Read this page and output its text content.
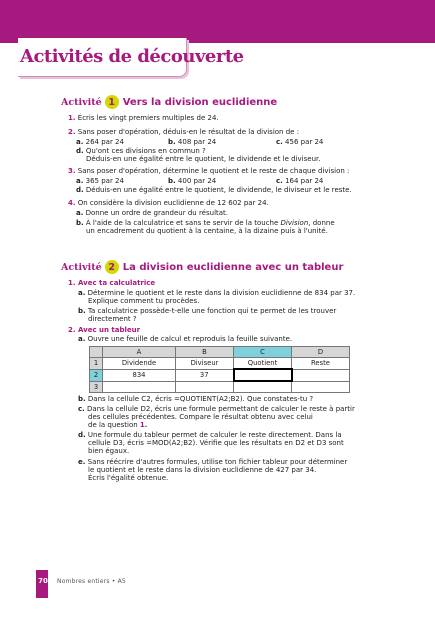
Activités de découverte
Activité 1 Vers la division euclidienne
1. Écris les vingt premiers multiples de 24.
2. Sans poser d'opération, déduis-en le résultat de la division de :
a. 264 par 24	b. 408 par 24	c. 456 par 24
d. Qu'ont ces divisions en commun ?
Déduis-en une égalité entre le quotient, le dividende et le diviseur.
3. Sans poser d'opération, détermine le quotient et le reste de chaque division :
a. 365 par 24	b. 400 par 24	c. 164 par 24
d. Déduis-en une égalité entre le quotient, le dividende, le diviseur et le reste.
4. On considère la division euclidienne de 12 602 par 24.
a. Donne un ordre de grandeur du résultat.
b. À l'aide de la calculatrice et sans te servir de la touche Division, donne
un encadrement du quotient à la centaine, à la dizaine puis à l'unité.
Activité 2 La division euclidienne avec un tableur
1. Avec ta calculatrice
a. Détermine le quotient et le reste dans la division euclidienne de 834 par 37.
Explique comment tu procèdes.
b. Ta calculatrice possède-t-elle une fonction qui te permet de les trouver
directement ?
2. Avec un tableur
a. Ouvre une feuille de calcul et reproduis la feuille suivante.
	A	B	C	D
1	Dividende	Diviseur	Quotient	Reste
2	834	37		
3				
b. Dans la cellule C2, écris =QUOTIENT(A2;B2). Que constates-tu ?
c. Dans la cellule D2, écris une formule permettant de calculer le reste à partir
des cellules précédentes. Compare le résultat obtenu avec celui
de la question 1.
d. Une formule du tableur permet de calculer le reste directement. Dans la
cellule D3, écris =MOD(A2;B2). Vérifie que les résultats en D2 et D3 sont
bien égaux.
e. Sans réécrire d'autres formules, utilise ton fichier tableur pour déterminer
le quotient et le reste dans la division euclidienne de 427 par 34.
Écris l'égalité obtenue.
70	Nombres entiers • A5
